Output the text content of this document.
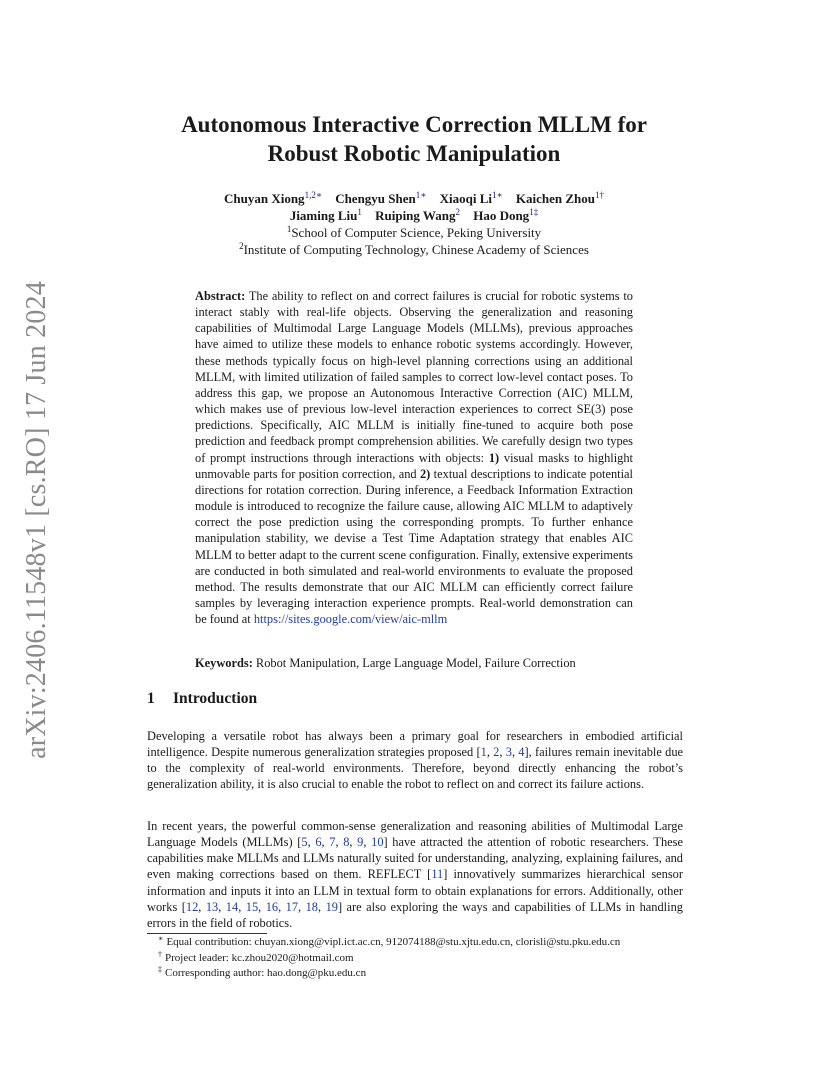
arXiv:2406.11548v1 [cs.RO] 17 Jun 2024
Autonomous Interactive Correction MLLM for
Robust Robotic Manipulation
Chuyan Xiong$^{1,2∗}$ Chengyu Shen$^{1∗}$ Xiaoqi $Li^{1∗}$ Kaichen Zhou$^{1\dagger}$
Jiaming Liu$^1$ Ruiping Wang$^2$ Hao Dong$^{1\ddagger}$
$^1$School of Computer Science, Peking University
$^2$Institute of Computing Technology, Chinese Academy of Sciences

Abstract: The ability to reflect on and correct failures is crucial for robotic systems to interact stably with real-life objects. Observing the generalization and reasoning capabilities of Multimodal Large Language Models (MLLMs), previous approaches have aimed to utilize these models to enhance robotic systems accordingly. However, these methods typically focus on high-level planning corrections using an additional MLLM, with limited utilization of failed samples to correct low-level contact poses. To address this gap, we propose an Autonomous Interactive Correction (AIC) MLLM, which makes use of previous low-level interaction experiences to correct SE(3) pose predictions. Specifically, AIC MLLM is initially fine-tuned to acquire both pose prediction and feedback prompt comprehension abilities. We carefully design two types of prompt instructions through interactions with objects: 1) visual masks to highlight unmovable parts for position correction, and 2) textual descriptions to indicate potential directions for rotation correction. During inference, a Feedback Information Extraction module is introduced to recognize the failure cause, allowing AIC MLLM to adaptively correct the pose prediction using the corresponding prompts. To further enhance manipulation stability, we devise a Test Time Adaptation strategy that enables AIC MLLM to better adapt to the current scene configuration. Finally, extensive experiments are conducted in both simulated and real-world environments to evaluate the proposed method. The results demonstrate that our AIC MLLM can efficiently correct failure samples by leveraging interaction experience prompts. Real-world demonstration can be found at https://sites.google.com/view/aic-mllm

Keywords: Robot Manipulation, Large Language Model, Failure Correction
1 Introduction

Developing a versatile robot has always been a primary goal for researchers in embodied artificial intelligence. Despite numerous generalization strategies proposed [1, 2, 3, 4], failures remain inevitable due to the complexity of real-world environments. Therefore, beyond directly enhancing the robot’s generalization ability, it is also crucial to enable the robot to reflect on and correct its failure actions.

In recent years, the powerful common-sense generalization and reasoning abilities of Multimodal Large Language Models (MLLMs) [5, 6, 7, 8, 9, 10] have attracted the attention of robotic researchers. These capabilities make MLLMs and LLMs naturally suited for understanding, analyzing, explaining failures, and even making corrections based on them. REFLECT [11] innovatively summarizes hierarchical sensor information and inputs it into an LLM in textual form to obtain explanations for errors. Additionally, other works [12, 13, 14, 15, 16, 17, 18, 19] are also exploring the ways and capabilities of LLMs in handling errors in the field of robotics.

∗ Equal contribution: chuyan.xiong@vipl.ict.ac.cn, 912074188@stu.xjtu.edu.cn, clorisli@stu.pku.edu.cn
† Project leader: kc.zhou2020@hotmail.com
‡ Corresponding author: hao.dong@pku.edu.cn
